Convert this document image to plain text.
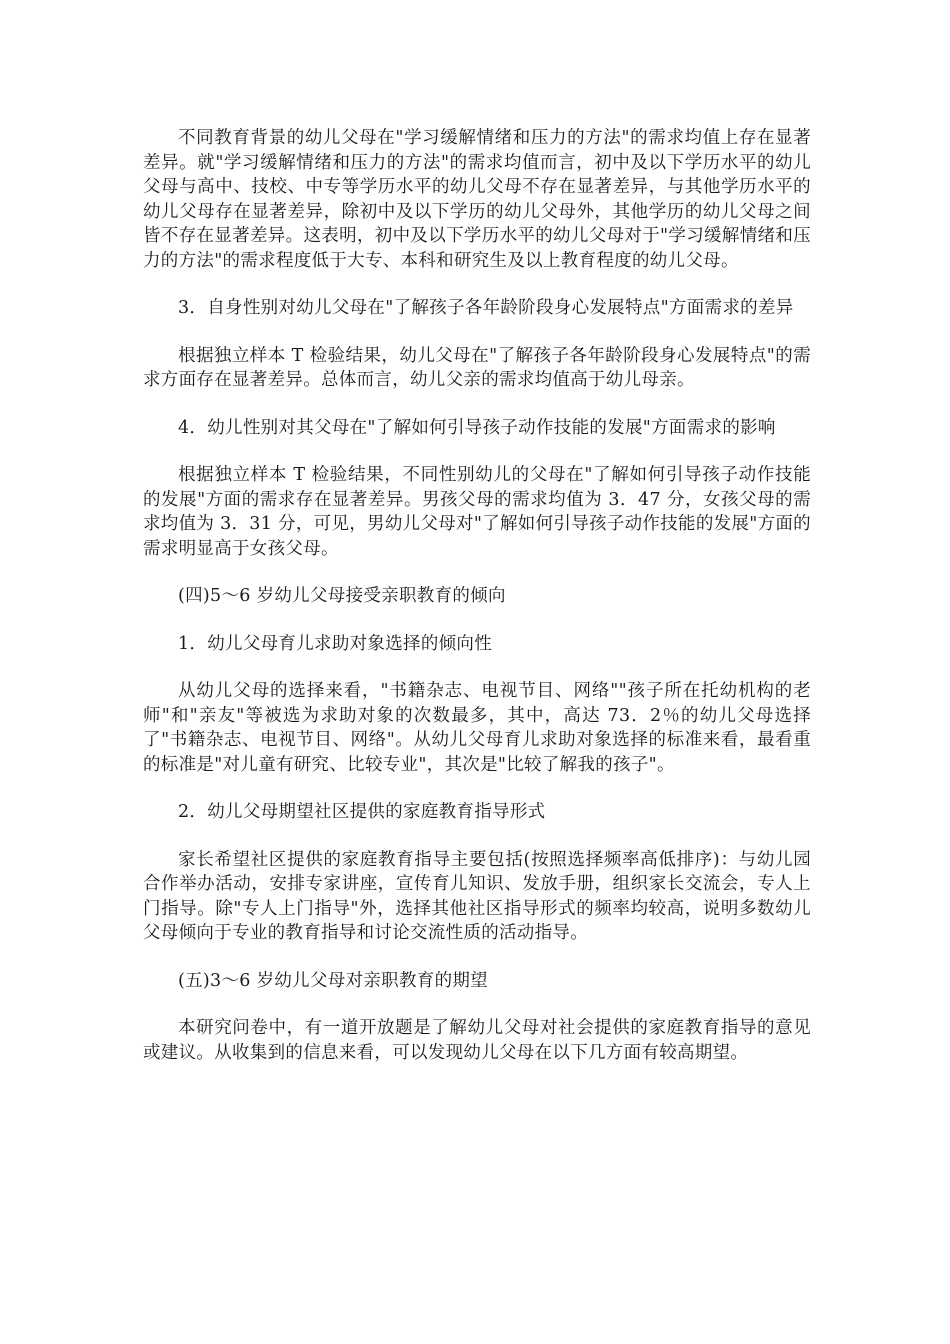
不同教育背景的幼儿父母在"学习缓解情绪和压力的方法"的需求均值上存在显著差异。就"学习缓解情绪和压力的方法"的需求均值而言，初中及以下学历水平的幼儿父母与高中、技校、中专等学历水平的幼儿父母不存在显著差异，与其他学历水平的幼儿父母存在显著差异，除初中及以下学历的幼儿父母外，其他学历的幼儿父母之间皆不存在显著差异。这表明，初中及以下学历水平的幼儿父母对于"学习缓解情绪和压力的方法"的需求程度低于大专、本科和研究生及以上教育程度的幼儿父母。

3．自身性别对幼儿父母在"了解孩子各年龄阶段身心发展特点"方面需求的差异

根据独立样本 T 检验结果，幼儿父母在"了解孩子各年龄阶段身心发展特点"的需求方面存在显著差异。总体而言，幼儿父亲的需求均值高于幼儿母亲。

4．幼儿性别对其父母在"了解如何引导孩子动作技能的发展"方面需求的影响

根据独立样本 T 检验结果，不同性别幼儿的父母在"了解如何引导孩子动作技能的发展"方面的需求存在显著差异。男孩父母的需求均值为 3．47 分，女孩父母的需求均值为 3．31 分，可见，男幼儿父母对"了解如何引导孩子动作技能的发展"方面的需求明显高于女孩父母。

(四)5～6 岁幼儿父母接受亲职教育的倾向

1．幼儿父母育儿求助对象选择的倾向性

从幼儿父母的选择来看，"书籍杂志、电视节目、网络""孩子所在托幼机构的老师"和"亲友"等被选为求助对象的次数最多，其中，高达 73．2％的幼儿父母选择了"书籍杂志、电视节目、网络"。从幼儿父母育儿求助对象选择的标准来看，最看重的标准是"对儿童有研究、比较专业"，其次是"比较了解我的孩子"。

2．幼儿父母期望社区提供的家庭教育指导形式

家长希望社区提供的家庭教育指导主要包括(按照选择频率高低排序)：与幼儿园合作举办活动，安排专家讲座，宣传育儿知识、发放手册，组织家长交流会，专人上门指导。除"专人上门指导"外，选择其他社区指导形式的频率均较高，说明多数幼儿父母倾向于专业的教育指导和讨论交流性质的活动指导。

(五)3～6 岁幼儿父母对亲职教育的期望

本研究问卷中，有一道开放题是了解幼儿父母对社会提供的家庭教育指导的意见或建议。从收集到的信息来看，可以发现幼儿父母在以下几方面有较高期望。
